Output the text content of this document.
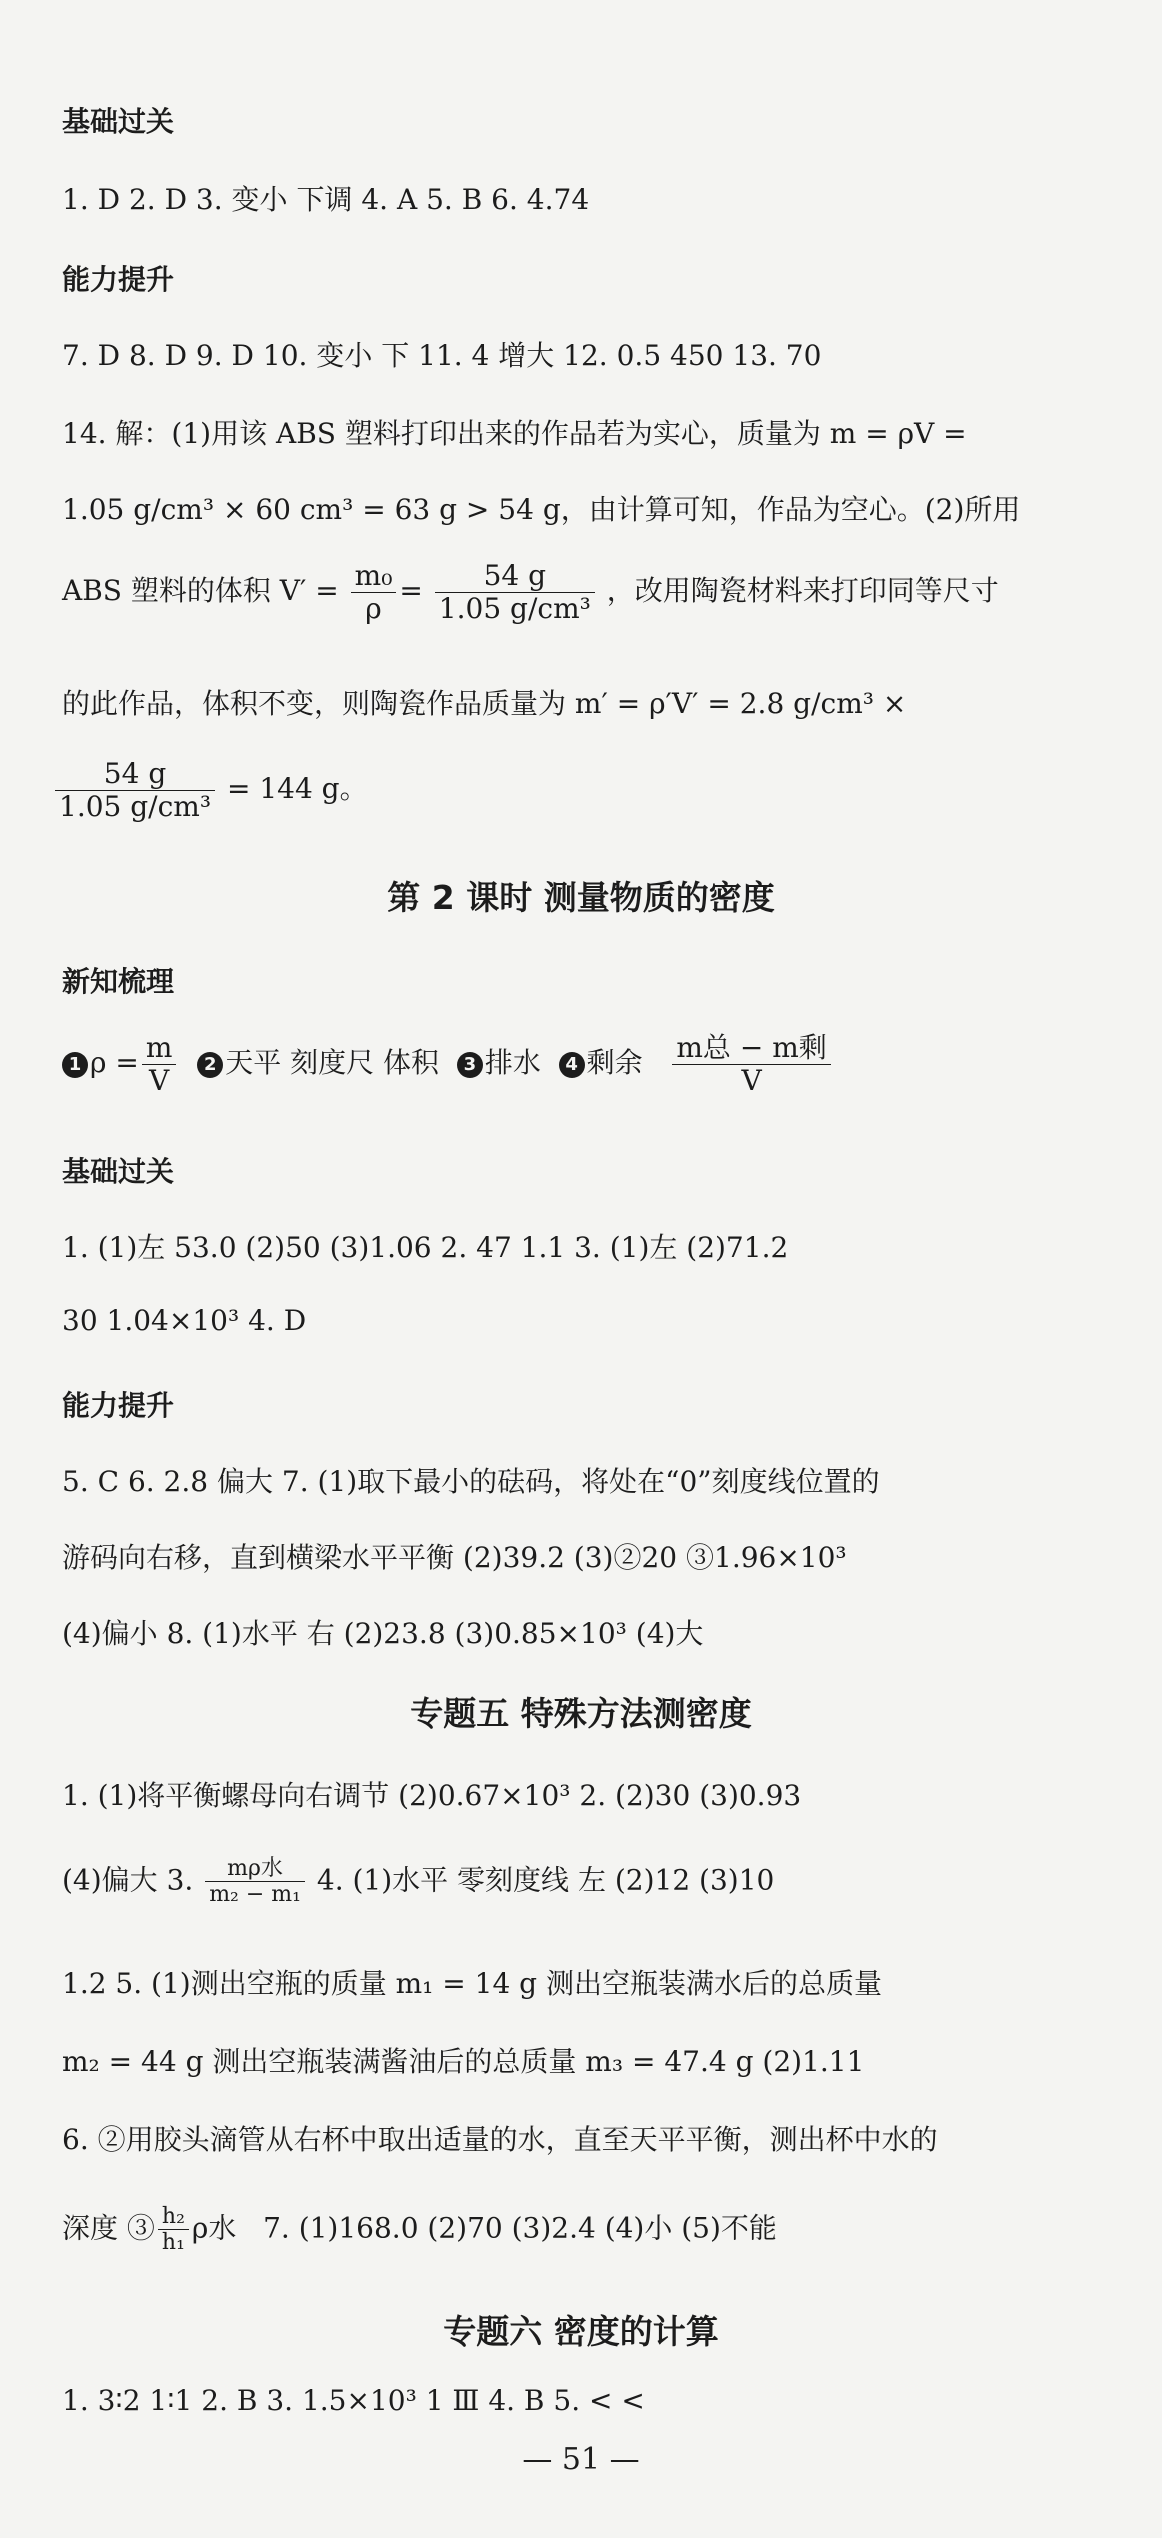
基础过关
1. D 2. D 3. 变小 下调 4. A 5. B 6. 4.74
能力提升
7. D 8. D 9. D 10. 变小 下 11. 4 增大 12. 0.5 450 13. 70
14. 解：(1)用该 ABS 塑料打印出来的作品若为实心，质量为 m = ρV =
1.05 g/cm³ × 60 cm³ = 63 g > 54 g，由计算可知，作品为空心。(2)所用
ABS 塑料的体积 $V' = \frac{\text{m₀}}{\rho} = \frac{54 g}{\text{1.05 g/cm³}}$ ，改用陶瓷材料来打印同等尺寸
的此作品，体积不变，则陶瓷作品质量为 m′ = ρ′V′ = 2.8 g/cm³ ×
$\frac{54 g}{\text{1.05 g/cm³}} = 144$ g。
第 2 课时 测量物质的密度
新知梳理
1 $\rho = \frac{m}{V} 2$ 天平 刻度尺 体积 3 排水 4 剩余 $\frac{\text{m总 − m剩}}{V}$
基础过关
1. (1)左 53.0 (2)50 (3)1.06 2. 47 1.1 3. (1)左 (2)71.2
30 1.04×10³ 4. D
能力提升
5. C 6. 2.8 偏大 7. (1)取下最小的砝码，将处在“0”刻度线位置的
游码向右移，直到横梁水平平衡 (2)39.2 (3)②20 ③1.96×10³
(4)偏小 8. (1)水平 右 (2)23.8 (3)0.85×10³ (4)大
专题五 特殊方法测密度
1. (1)将平衡螺母向右调节 (2)0.67×10³ 2. (2)30 (3)0.93
(4)偏大 3. $\frac{\text{mρ水}}{\text{m₂ − m₁}} 4$. (1)水平 零刻度线 左 (2)12 (3)10
1.2 5. (1)测出空瓶的质量 m₁ = 14 g 测出空瓶装满水后的总质量
m₂ = 44 g 测出空瓶装满酱油后的总质量 m₃ = 47.4 g (2)1.11
6. ②用胶头滴管从右杯中取出适量的水，直至天平平衡，测出杯中水的
深度 ③ $\frac{\text{h₂}}{\text{h₁}}$ ρ水 7. (1)168.0 (2)70 (3)2.4 (4)小 (5)不能
专题六 密度的计算
1. 3∶2 1∶1 2. B 3. 1.5×10³ 1 Ⅲ 4. B 5. < <
— 51 —
